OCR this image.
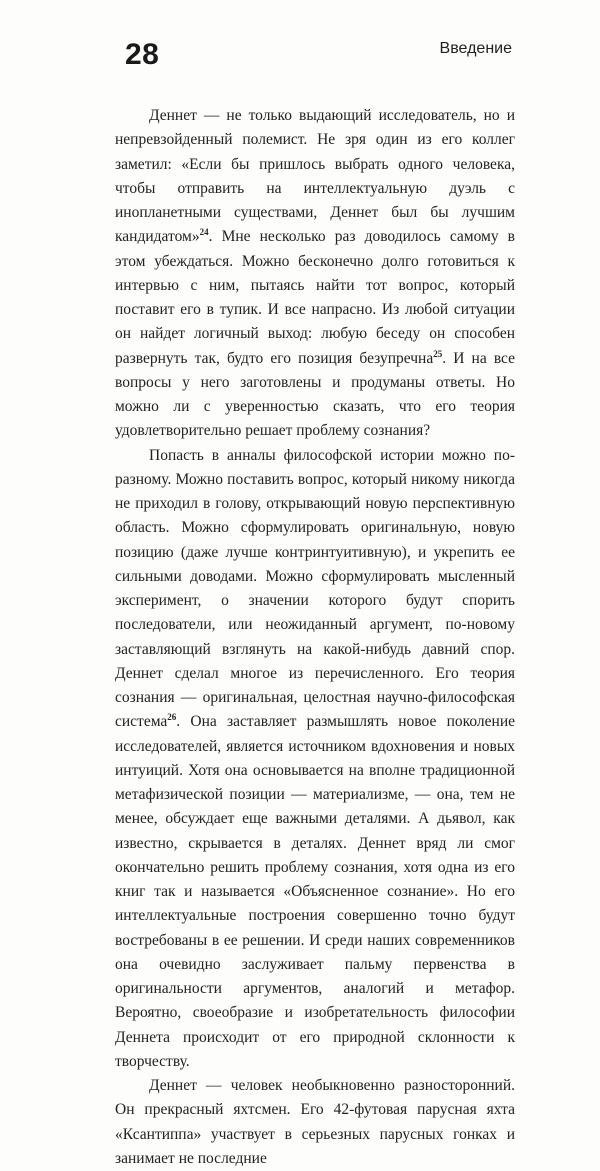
28	Введение

Деннет — не только выдающий исследователь, но и непревзойденный полемист. Не зря один из его коллег заметил: «Если бы пришлось выбрать одного человека, чтобы отправить на интеллектуальную дуэль с инопланетными существами, Деннет был бы лучшим кандидатом»$^{24}$. Мне несколько раз доводилось самому в этом убеждаться. Можно бесконечно долго готовиться к интервью с ним, пытаясь найти тот вопрос, который поставит его в тупик. И все напрасно. Из любой ситуации он найдет логичный выход: любую беседу он способен развернуть так, будто его позиция безупречна$^{25}$. И на все вопросы у него заготовлены и продуманы ответы. Но можно ли с уверенностью сказать, что его теория удовлетворительно решает проблему сознания?

Попасть в анналы философской истории можно по-разному. Можно поставить вопрос, который никому никогда не приходил в голову, открывающий новую перспективную область. Можно сформулировать оригинальную, новую позицию (даже лучше контринтуитивную), и укрепить ее сильными доводами. Можно сформулировать мысленный эксперимент, о значении которого будут спорить последователи, или неожиданный аргумент, по-новому заставляющий взглянуть на какой-нибудь давний спор. Деннет сделал многое из перечисленного. Его теория сознания — оригинальная, целостная научно-философская система$^{26}$. Она заставляет размышлять новое поколение исследователей, является источником вдохновения и новых интуиций. Хотя она основывается на вполне традиционной метафизической позиции — материализме, — она, тем не менее, обсуждает еще важными деталями. А дьявол, как известно, скрывается в деталях. Деннет вряд ли смог окончательно решить проблему сознания, хотя одна из его книг так и называется «Объясненное сознание». Но его интеллектуальные построения совершенно точно будут востребованы в ее решении. И среди наших современников она очевидно заслуживает пальму первенства в оригинальности аргументов, аналогий и метафор. Вероятно, своеобразие и изобретательность философии Деннета происходит от его природной склонности к творчеству.

Деннет — человек необыкновенно разносторонний. Он прекрасный яхтсмен. Его 42-футовая парусная яхта «Ксантиппа» участвует в серьезных парусных гонках и занимает не последние
